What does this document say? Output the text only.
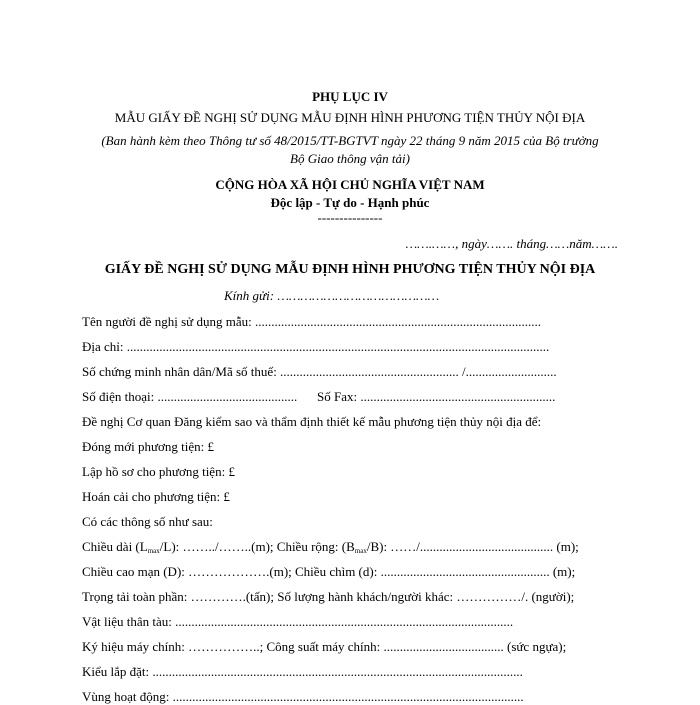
PHỤ LỤC IV
MẪU GIẤY ĐỀ NGHỊ SỬ DỤNG MẪU ĐỊNH HÌNH PHƯƠNG TIỆN THỦY NỘI ĐỊA
(Ban hành kèm theo Thông tư số 48/2015/TT-BGTVT ngày 22 tháng 9 năm 2015 của Bộ trưởng
Bộ Giao thông vận tải)
CỘNG HÒA XÃ HỘI CHỦ NGHĨA VIỆT NAM
Độc lập - Tự do - Hạnh phúc
---------------
…….……, ngày……. tháng……năm…….
GIẤY ĐỀ NGHỊ SỬ DỤNG MẪU ĐỊNH HÌNH PHƯƠNG TIỆN THỦY NỘI ĐỊA
Kính gửi: ……………………………………
Tên người đề nghị sử dụng mẫu: ........................................................................................
Địa chỉ: ..................................................................................................................................
Số chứng minh nhân dân/Mã số thuế: ....................................................... /............................
Số điện thoại: ........................................... Số Fax: ............................................................
Đề nghị Cơ quan Đăng kiểm sao và thẩm định thiết kế mẫu phương tiện thủy nội địa để:
Đóng mới phương tiện: £
Lập hồ sơ cho phương tiện: £
Hoán cải cho phương tiện: £
Có các thông số như sau:
Chiều dài $(L_{max}/L)$: ……../……..(m); Chiều rộng: $(B_{max}/B)$: ……/......................................... (m);
Chiều cao mạn (D): ……………….(m); Chiều chìm (d): .................................................... (m);
Trọng tải toàn phần: ………….(tấn); Số lượng hành khách/người khác: ……………/. (người);
Vật liệu thân tàu: ........................................................................................................
Ký hiệu máy chính: ……………..; Công suất máy chính: ..................................... (sức ngựa);
Kiểu lắp đặt: ..................................................................................................................
Vùng hoạt động: ............................................................................................................
